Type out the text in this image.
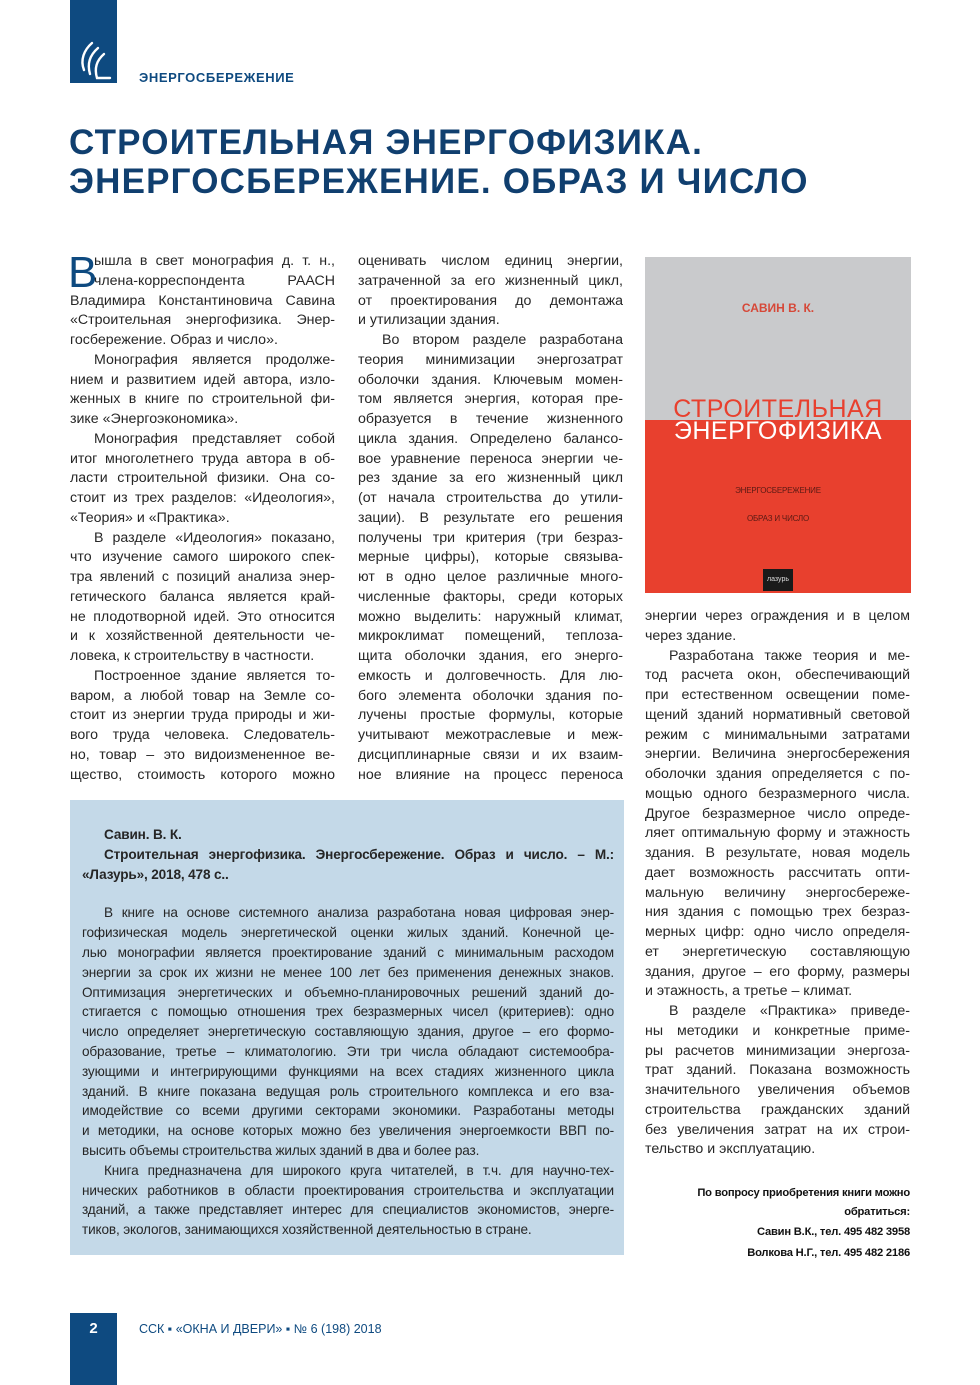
ЭНЕРГОСБЕРЕЖЕНИЕ
СТРОИТЕЛЬНАЯ ЭНЕРГОФИЗИКА.
ЭНЕРГОСБЕРЕЖЕНИЕ. ОБРАЗ И ЧИСЛО
В
ышла в свет монография д. т. н.,
члена-корреспондента РААСН
Владимира Константиновича Савина
«Строительная энергофизика. Энер-
госбережение. Образ и число».
Монография является продолже-
нием и развитием идей автора, изло-
женных в книге по строительной фи-
зике «Энергоэкономика».
Монография представляет собой
итог многолетнего труда автора в об-
ласти строительной физики. Она со-
стоит из трех разделов: «Идеология»,
«Теория» и «Практика».
В разделе «Идеология» показано,
что изучение самого широкого спек-
тра явлений с позиций анализа энер-
гетического баланса является край-
не плодотворной идей. Это относится
и к хозяйственной деятельности че-
ловека, к строительству в частности.
Построенное здание является то-
варом, а любой товар на Земле со-
стоит из энергии труда природы и жи-
вого труда человека. Следователь-
но, товар – это видоизмененное ве-
щество, стоимость которого можно
оценивать числом единиц энергии,
затраченной за его жизненный цикл,
от проектирования до демонтажа
и утилизации здания.
Во втором разделе разработана
теория минимизации энергозатрат
оболочки здания. Ключевым момен-
том является энергия, которая пре-
образуется в течение жизненного
цикла здания. Определено балансо-
вое уравнение переноса энергии че-
рез здание за его жизненный цикл
(от начала строительства до утили-
зации). В результате его решения
получены три критерия (три безраз-
мерные цифры), которые связыва-
ют в одно целое различные много-
численные факторы, среди которых
можно выделить: наружный климат,
микроклимат помещений, теплоза-
щита оболочки здания, его энерго-
емкость и долговечность. Для лю-
бого элемента оболочки здания по-
лучены простые формулы, которые
учитывают межотраслевые и меж-
дисциплинарные связи и их взаим-
ное влияние на процесс переноса
энергии через ограждения и в целом
через здание.
Разработана также теория и ме-
тод расчета окон, обеспечивающий
при естественном освещении поме-
щений зданий нормативный световой
режим с минимальными затратами
энергии. Величина энергосбережения
оболочки здания определяется с по-
мощью одного безразмерного числа.
Другое безразмерное число опреде-
ляет оптимальную форму и этажность
здания. В результате, новая модель
дает возможность рассчитать опти-
мальную величину энергосбереже-
ния здания с помощью трех безраз-
мерных цифр: одно число определя-
ет энергетическую составляющую
здания, другое – его форму, размеры
и этажность, а третье – климат.
В разделе «Практика» приведе-
ны методики и конкретные приме-
ры расчетов минимизации энергоза-
трат зданий. Показана возможность
значительного увеличения объемов
строительства гражданских зданий
без увеличения затрат на их строи-
тельство и эксплуатацию.
САВИН В. К.
СТРОИТЕЛЬНАЯ
ЭНЕРГОФИЗИКА
ЭНЕРГОСБЕРЕЖЕНИЕ
ОБРАЗ И ЧИСЛО
лазурь
Савин. В. К.
Строительная энергофизика. Энергосбережение. Образ и число. – М.:
«Лазурь», 2018, 478 с..
В книге на основе системного анализа разработана новая цифровая энер-
гофизическая модель энергетической оценки жилых зданий. Конечной це-
лью монографии является проектирование зданий с минимальным расходом
энергии за срок их жизни не менее 100 лет без применения денежных знаков.
Оптимизация энергетических и объемно-планировочных решений зданий до-
стигается с помощью отношения трех безразмерных чисел (критериев): одно
число определяет энергетическую составляющую здания, другое – его формо-
образование, третье – климатологию. Эти три числа обладают системообра-
зующими и интегрирующими функциями на всех стадиях жизненного цикла
зданий. В книге показана ведущая роль строительного комплекса и его вза-
имодействие со всеми другими секторами экономики. Разработаны методы
и методики, на основе которых можно без увеличения энергоемкости ВВП по-
высить объемы строительства жилых зданий в два и более раз.
Книга предназначена для широкого круга читателей, в т.ч. для научно-тех-
нических работников в области проектирования строительства и эксплуатации
зданий, а также представляет интерес для специалистов экономистов, энерге-
тиков, экологов, занимающихся хозяйственной деятельностью в стране.
По вопросу приобретения книги можно
обратиться:
Савин В.К., тел. 495 482 3958
Волкова Н.Г., тел. 495 482 2186
2	ССК ▪ «ОКНА И ДВЕРИ» ▪ № 6 (198) 2018
